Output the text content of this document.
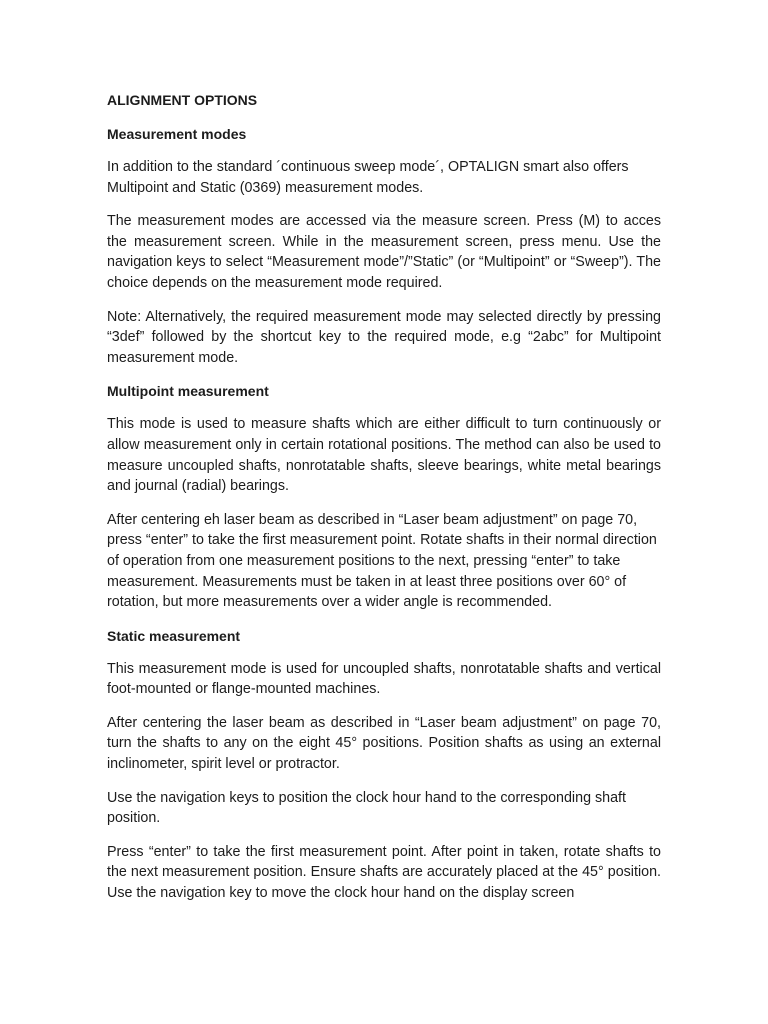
ALIGNMENT OPTIONS
Measurement modes

In addition to the standard ´continuous sweep mode´, OPTALIGN smart also offers Multipoint and Static (0369) measurement modes.

The measurement modes are accessed via the measure screen. Press (M) to acces the measurement screen. While in the measurement screen, press menu. Use the navigation keys to select “Measurement mode”/”Static” (or “Multipoint” or “Sweep”). The choice depends on the measurement mode required.

Note: Alternatively, the required measurement mode may selected directly by pressing “3def” followed by the shortcut key to the required mode, e.g “2abc” for Multipoint measurement mode.

Multipoint measurement

This mode is used to measure shafts which are either difficult to turn continuously or allow measurement only in certain rotational positions. The method can also be used to measure uncoupled shafts, nonrotatable shafts, sleeve bearings, white metal bearings and journal (radial) bearings.

After centering eh laser beam as described in “Laser beam adjustment” on page 70, press “enter” to take the first measurement point. Rotate shafts in their normal direction of operation from one measurement positions to the next, pressing “enter” to take measurement. Measurements must be taken in at least three positions over 60° of rotation, but more measurements over a wider angle is recommended.

Static measurement

This measurement mode is used for uncoupled shafts, nonrotatable shafts and vertical foot-mounted or flange-mounted machines.

After centering the laser beam as described in “Laser beam adjustment” on page 70, turn the shafts to any on the eight 45° positions. Position shafts as using an external inclinometer, spirit level or protractor.

Use the navigation keys to position the clock hour hand to the corresponding shaft position.

Press “enter” to take the first measurement point. After point in taken, rotate shafts to the next measurement position. Ensure shafts are accurately placed at the 45° position. Use the navigation key to move the clock hour hand on the display screen
